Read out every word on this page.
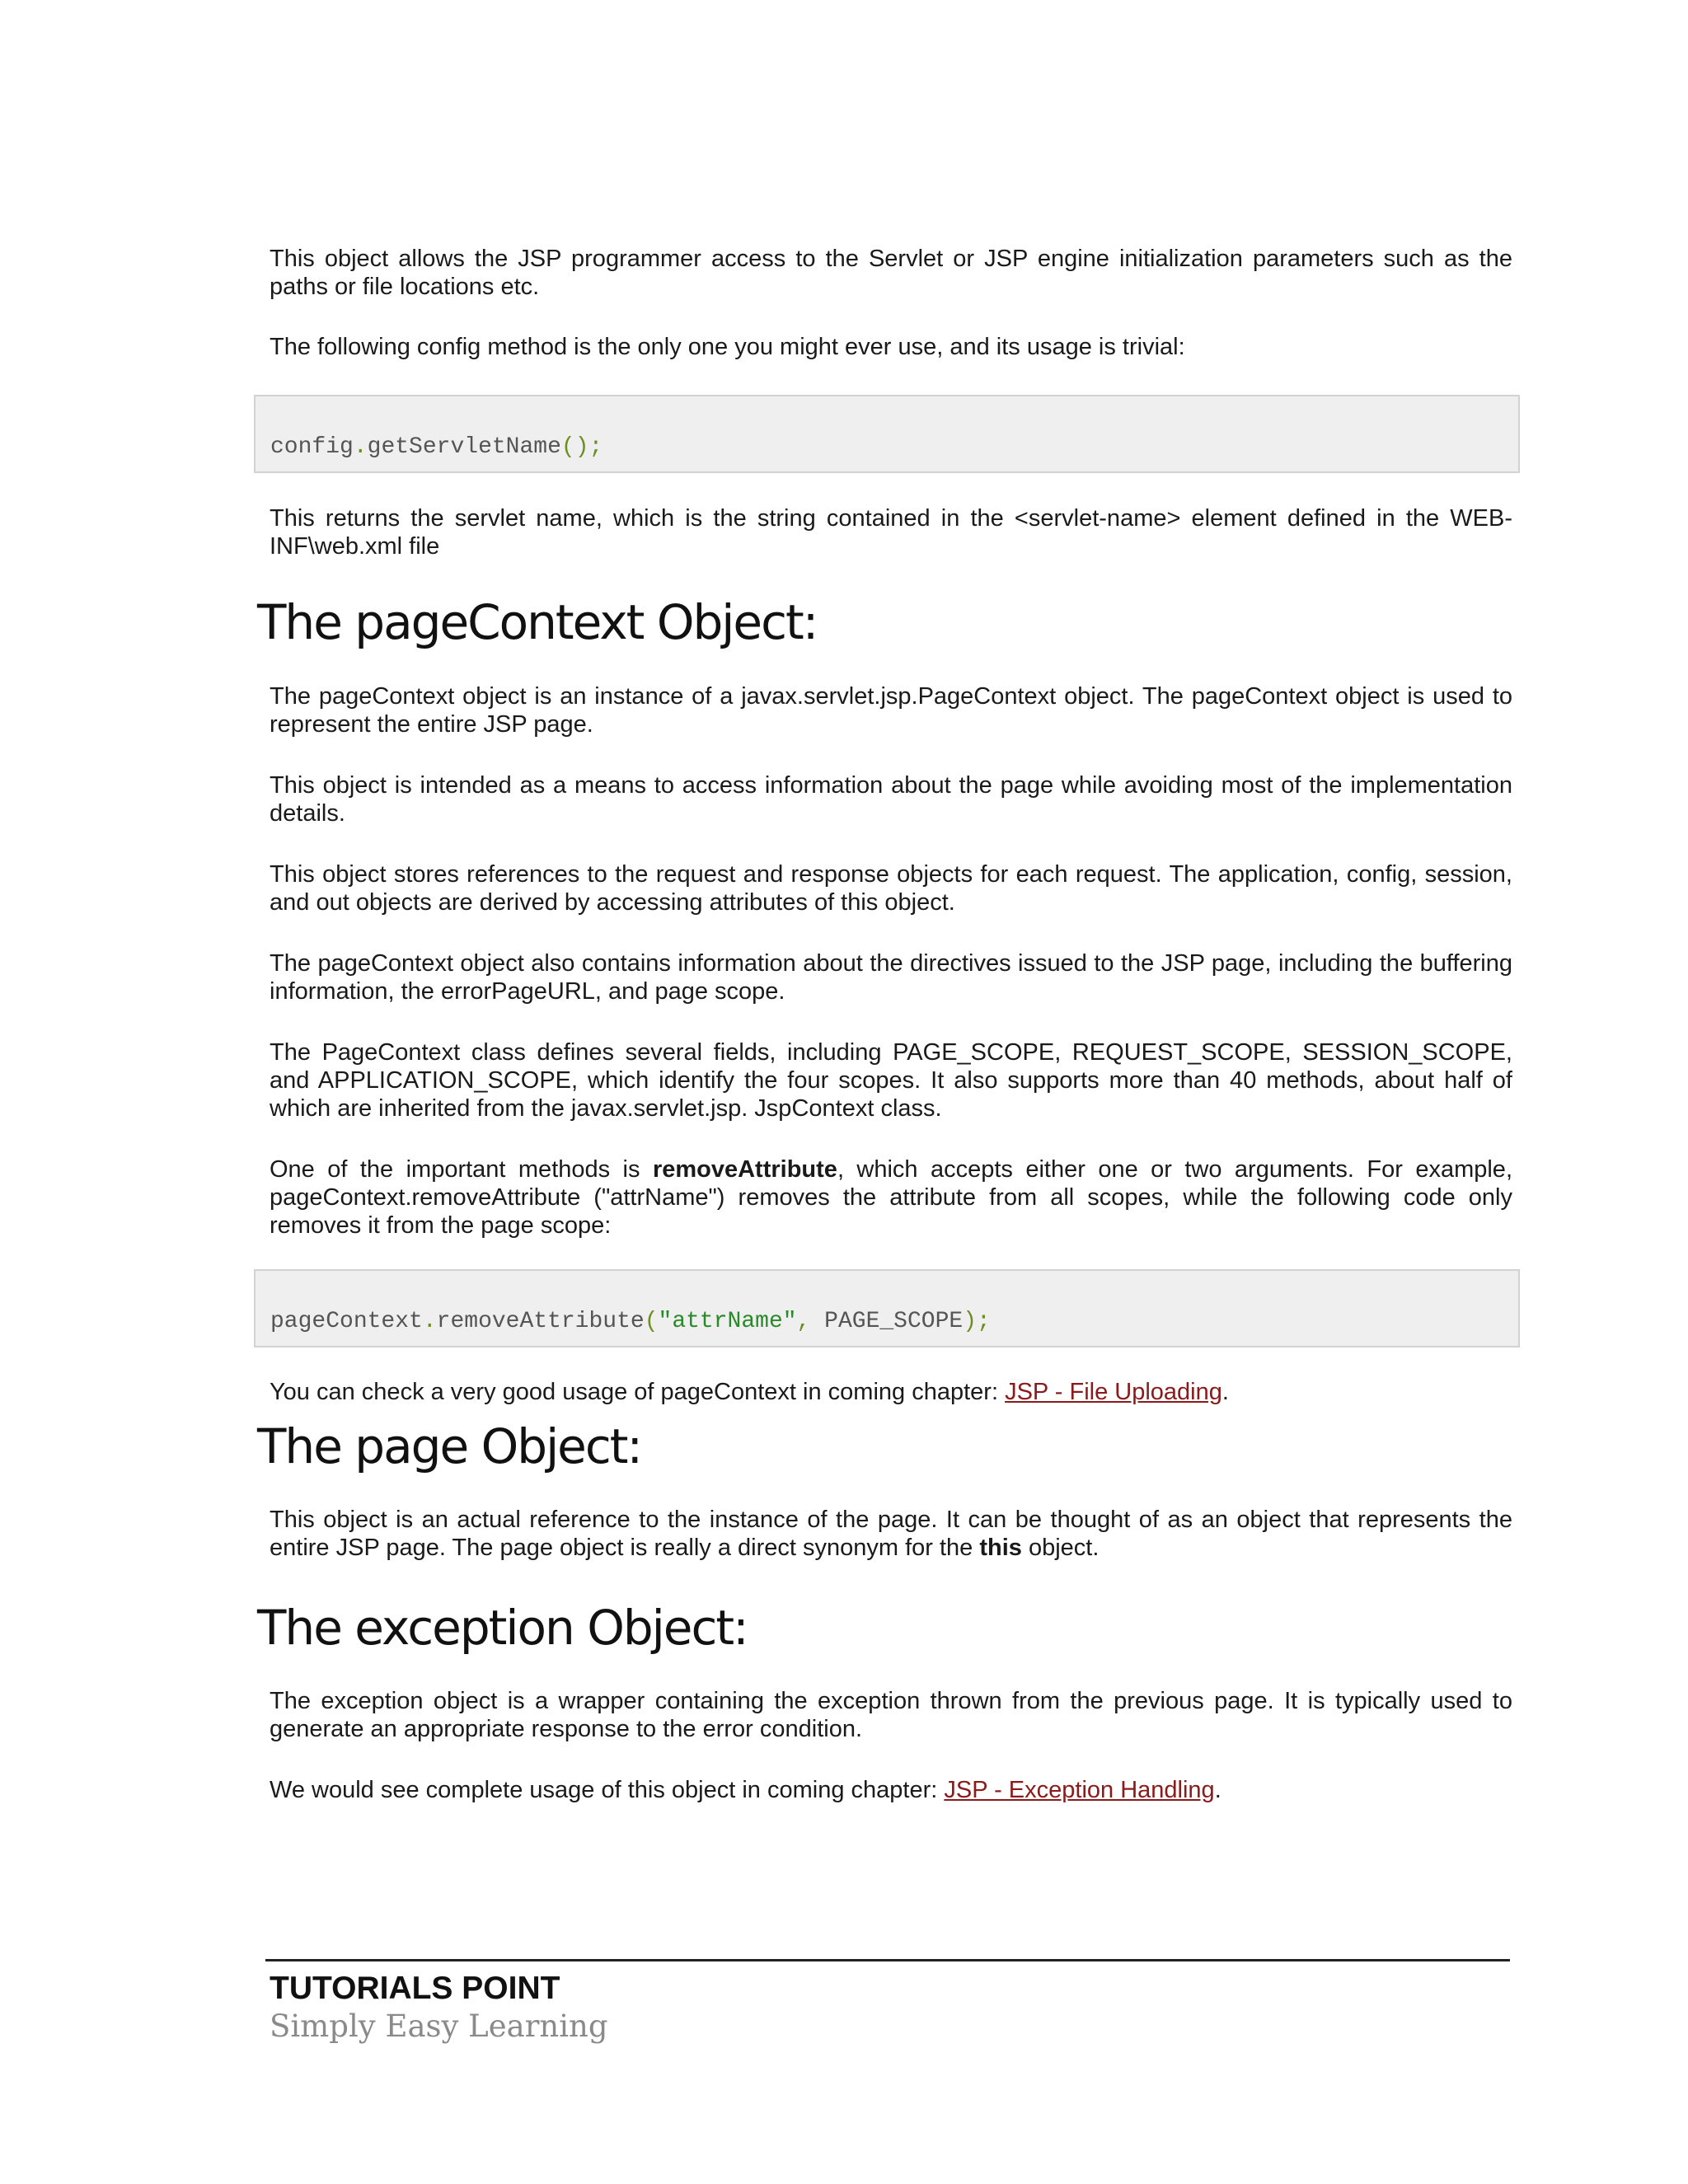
This object allows the JSP programmer access to the Servlet or JSP engine initialization parameters such as the paths or file locations etc.

The following config method is the only one you might ever use, and its usage is trivial:

config.getServletName();

This returns the servlet name, which is the string contained in the <servlet-name> element defined in the WEB-INF\web.xml file

The pageContext Object:

The pageContext object is an instance of a javax.servlet.jsp.PageContext object. The pageContext object is used to represent the entire JSP page.

This object is intended as a means to access information about the page while avoiding most of the implementation details.

This object stores references to the request and response objects for each request. The application, config, session, and out objects are derived by accessing attributes of this object.

The pageContext object also contains information about the directives issued to the JSP page, including the buffering information, the errorPageURL, and page scope.

The PageContext class defines several fields, including PAGE_SCOPE, REQUEST_SCOPE, SESSION_SCOPE, and APPLICATION_SCOPE, which identify the four scopes. It also supports more than 40 methods, about half of which are inherited from the javax.servlet.jsp. JspContext class.

One of the important methods is removeAttribute, which accepts either one or two arguments. For example, pageContext.removeAttribute ("attrName") removes the attribute from all scopes, while the following code only removes it from the page scope:

pageContext.removeAttribute("attrName", PAGE_SCOPE);

You can check a very good usage of pageContext in coming chapter: JSP - File Uploading.

The page Object:

This object is an actual reference to the instance of the page. It can be thought of as an object that represents the entire JSP page. The page object is really a direct synonym for the this object.

The exception Object:

The exception object is a wrapper containing the exception thrown from the previous page. It is typically used to generate an appropriate response to the error condition.

We would see complete usage of this object in coming chapter: JSP - Exception Handling.

TUTORIALS POINT

Simply Easy Learning
